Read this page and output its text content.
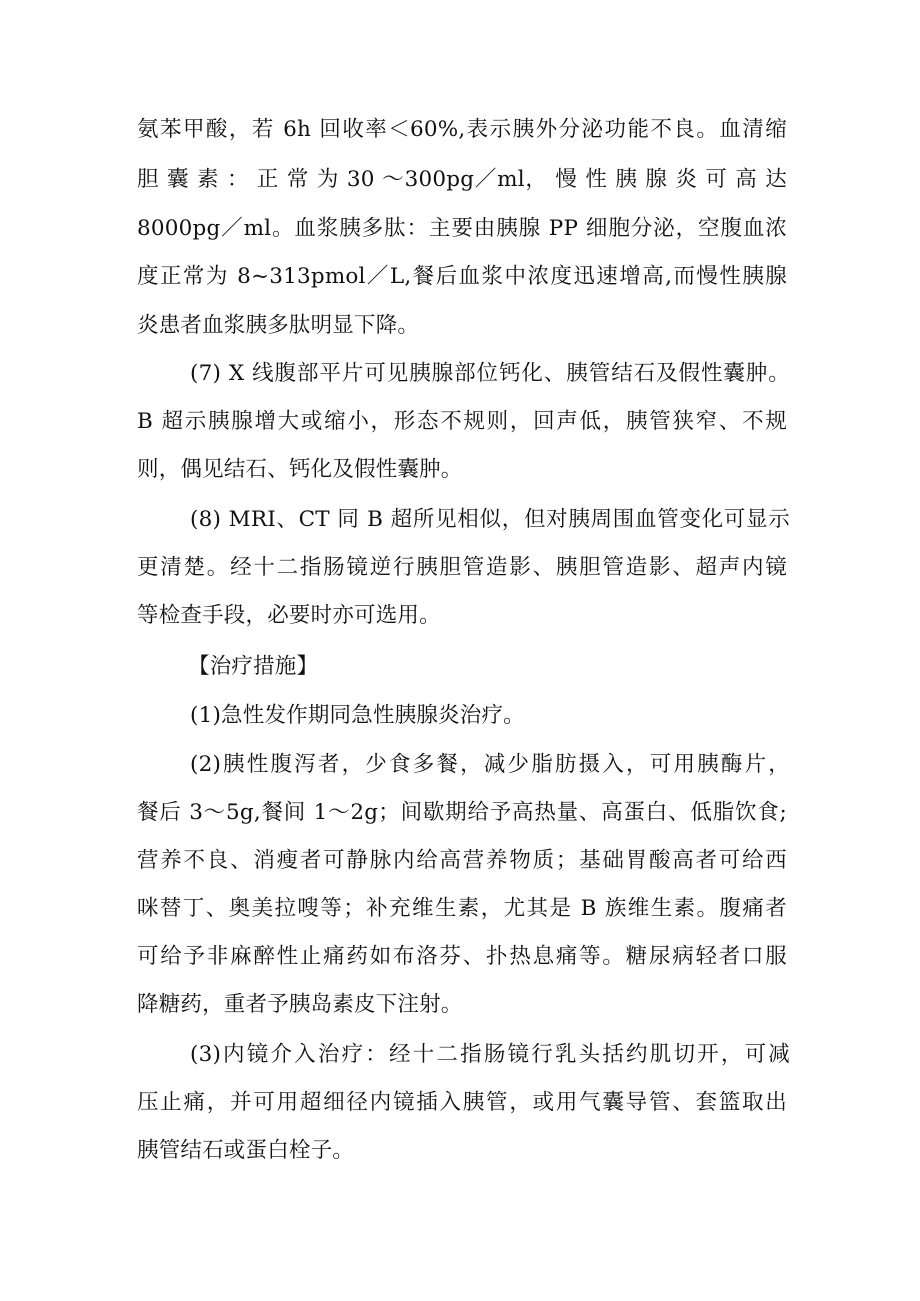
氨苯甲酸，若 6h 回收率＜60%,表示胰外分泌功能不良。血清缩
胆 囊 素 ： 正 常 为 30 ～300pg／ml， 慢 性 胰 腺 炎 可 高 达
8000pg／ml。血浆胰多肽：主要由胰腺 PP 细胞分泌，空腹血浓
度正常为 8~313pmol／L,餐后血浆中浓度迅速增高,而慢性胰腺
炎患者血浆胰多肽明显下降。
(7) X 线腹部平片可见胰腺部位钙化、胰管结石及假性囊肿。
B 超示胰腺增大或缩小，形态不规则，回声低，胰管狭窄、不规
则，偶见结石、钙化及假性囊肿。
(8) MRI、CT 同 B 超所见相似，但对胰周围血管变化可显示
更清楚。经十二指肠镜逆行胰胆管造影、胰胆管造影、超声内镜
等检查手段，必要时亦可选用。
【治疗措施】
(1)急性发作期同急性胰腺炎治疗。
(2)胰性腹泻者，少食多餐，减少脂肪摄入，可用胰酶片，
餐后 3～5g,餐间 1～2g；间歇期给予高热量、高蛋白、低脂饮食;
营养不良、消瘦者可静脉内给高营养物质；基础胃酸高者可给西
咪替丁、奥美拉嗖等；补充维生素，尤其是 B 族维生素。腹痛者
可给予非麻醉性止痛药如布洛芬、扑热息痛等。糖尿病轻者口服
降糖药，重者予胰岛素皮下注射。
(3)内镜介入治疗：经十二指肠镜行乳头括约肌切开，可减
压止痛，并可用超细径内镜插入胰管，或用气囊导管、套篮取出
胰管结石或蛋白栓子。
